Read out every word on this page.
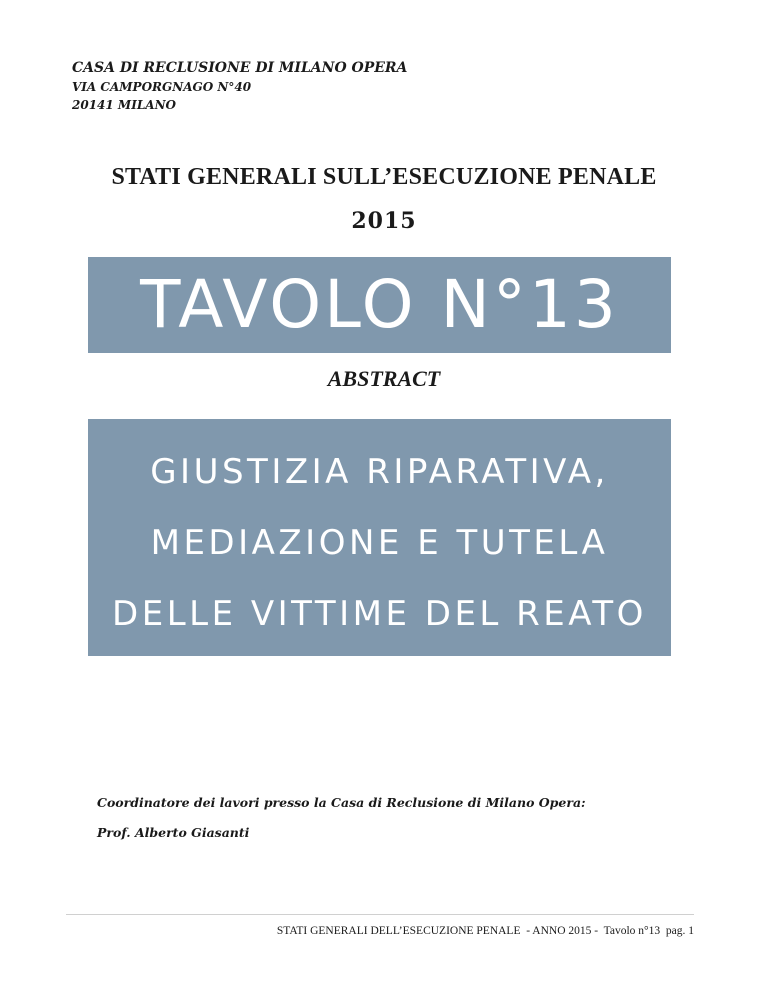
CASA DI RECLUSIONE DI MILANO OPERA
VIA CAMPORGNAGO N°40
20141 MILANO
STATI GENERALI SULL’ESECUZIONE PENALE
2015
TAVOLO N°13
ABSTRACT
GIUSTIZIA RIPARATIVA,
MEDIAZIONE E TUTELA
DELLE VITTIME DEL REATO
Coordinatore dei lavori presso la Casa di Reclusione di Milano Opera:
Prof. Alberto Giasanti
STATI GENERALI DELL’ESECUZIONE PENALE  - ANNO 2015 -  Tavolo n°13  pag. 1
